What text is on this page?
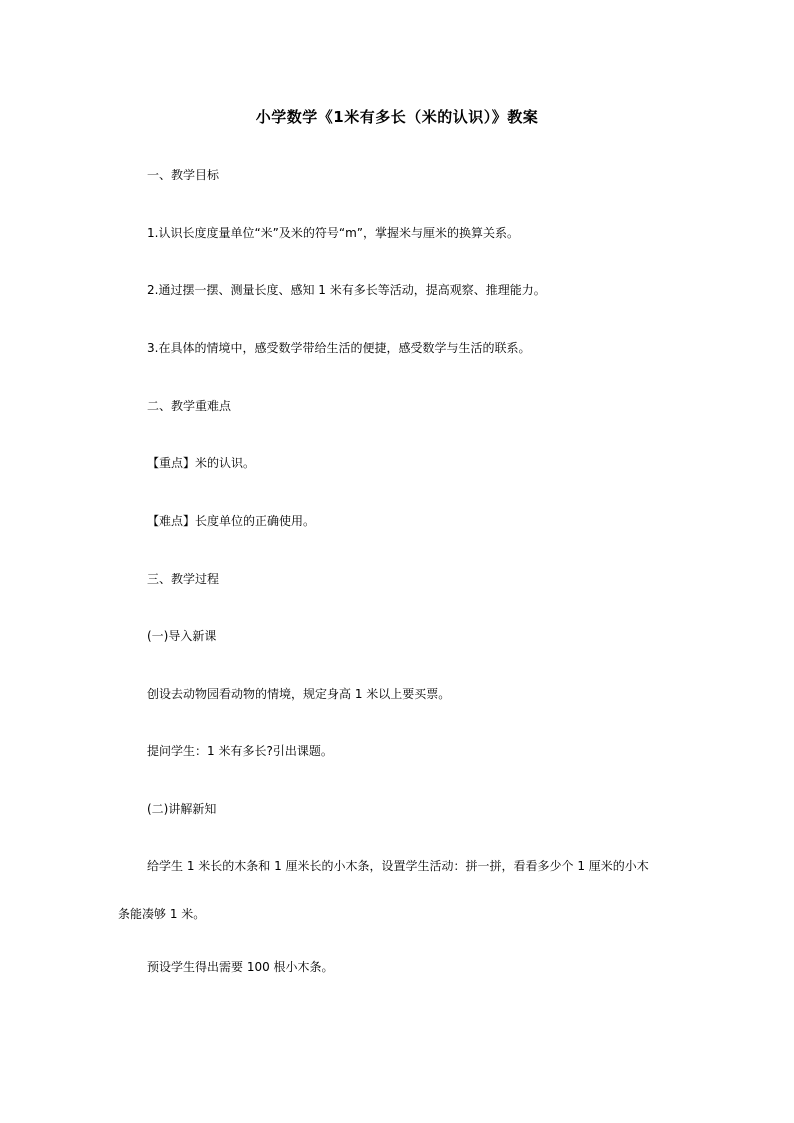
小学数学《1米有多长（米的认识）》教案

一、教学目标

1.认识长度度量单位“米”及米的符号“m”，掌握米与厘米的换算关系。

2.通过摆一摆、测量长度、感知 1 米有多长等活动，提高观察、推理能力。

3.在具体的情境中，感受数学带给生活的便捷，感受数学与生活的联系。

二、教学重难点

【重点】米的认识。

【难点】长度单位的正确使用。

三、教学过程

(一)导入新课

创设去动物园看动物的情境，规定身高 1 米以上要买票。

提问学生：1 米有多长?引出课题。

(二)讲解新知

给学生 1 米长的木条和 1 厘米长的小木条，设置学生活动：拼一拼，看看多少个 1 厘米的小木条能凑够 1 米。

预设学生得出需要 100 根小木条。
